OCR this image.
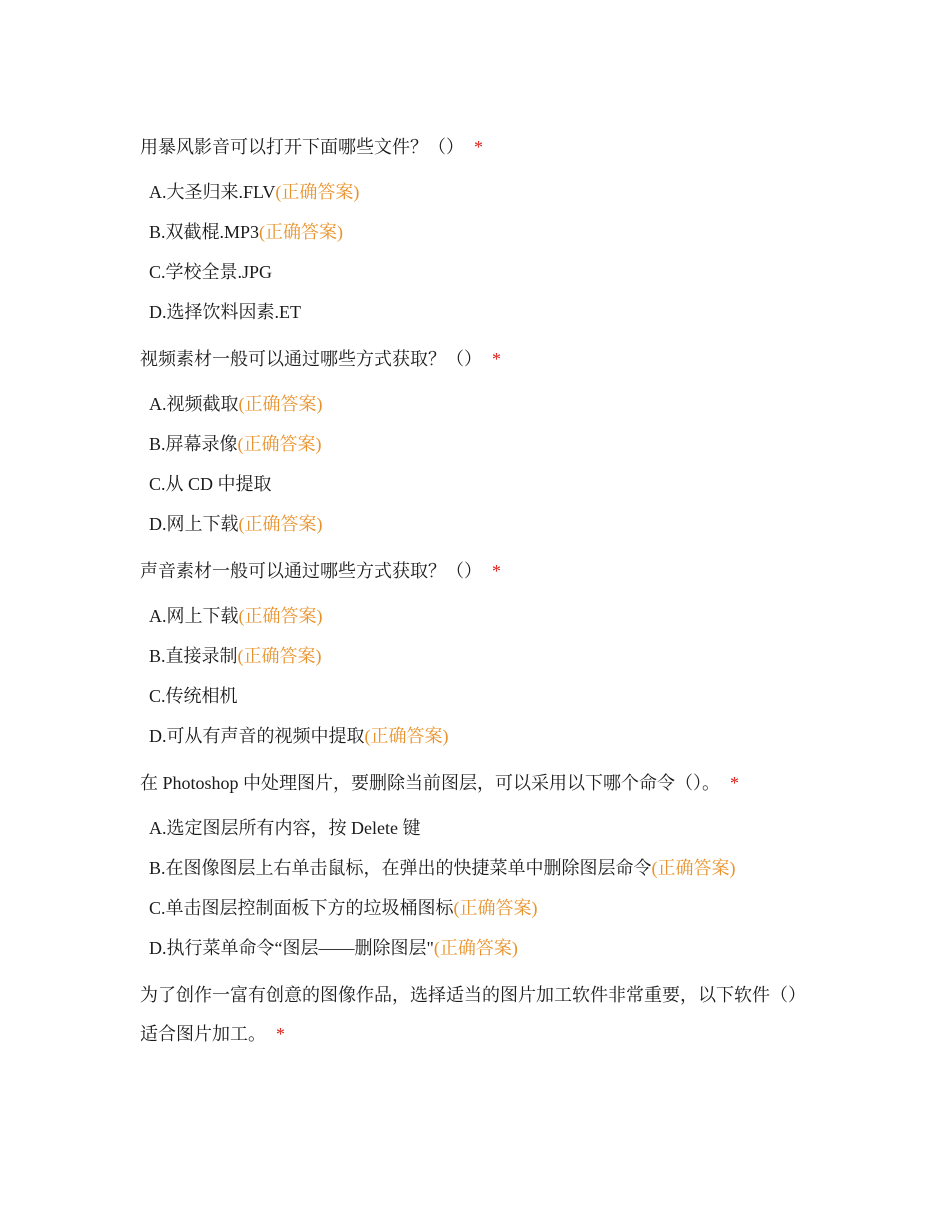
用暴风影音可以打开下面哪些文件？（） *

A.大圣归来.FLV(正确答案)
B.双截棍.MP3(正确答案)
C.学校全景.JPG
D.选择饮料因素.ET

视频素材一般可以通过哪些方式获取？（） *

A.视频截取(正确答案)
B.屏幕录像(正确答案)
C.从 CD 中提取
D.网上下载(正确答案)

声音素材一般可以通过哪些方式获取？（） *

A.网上下载(正确答案)
B.直接录制(正确答案)
C.传统相机
D.可从有声音的视频中提取(正确答案)

在 Photoshop 中处理图片，要删除当前图层，可以采用以下哪个命令（）。 *

A.选定图层所有内容，按 Delete 键
B.在图像图层上右单击鼠标，在弹出的快捷菜单中删除图层命令(正确答案)
C.单击图层控制面板下方的垃圾桶图标(正确答案)
D.执行菜单命令“图层——删除图层"(正确答案)

为了创作一富有创意的图像作品，选择适当的图片加工软件非常重要，以下软件（）适合图片加工。 *
